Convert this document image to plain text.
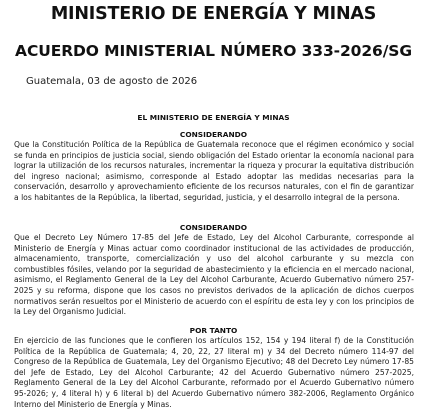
MINISTERIO DE ENERGÍA Y MINAS
ACUERDO MINISTERIAL NÚMERO 333-2026/SG
Guatemala, 03 de agosto de 2026
EL MINISTERIO DE ENERGÍA Y MINAS
CONSIDERANDO
Que la Constitución Política de la República de Guatemala reconoce que el régimen económico y social se funda en principios de justicia social, siendo obligación del Estado orientar la economía nacional para lograr la utilización de los recursos naturales, incrementar la riqueza y procurar la equitativa distribución del ingreso nacional; asimismo, corresponde al Estado adoptar las medidas necesarias para la conservación, desarrollo y aprovechamiento eficiente de los recursos naturales, con el fin de garantizar a los habitantes de la República, la libertad, seguridad, justicia, y el desarrollo integral de la persona.
CONSIDERANDO
Que el Decreto Ley Número 17-85 del Jefe de Estado, Ley del Alcohol Carburante, corresponde al Ministerio de Energía y Minas actuar como coordinador institucional de las actividades de producción, almacenamiento, transporte, comercialización y uso del alcohol carburante y su mezcla con combustibles fósiles, velando por la seguridad de abastecimiento y la eficiencia en el mercado nacional, asimismo, el Reglamento General de la Ley del Alcohol Carburante, Acuerdo Gubernativo número 257-2025 y su reforma, dispone que los casos no previstos derivados de la aplicación de dichos cuerpos normativos serán resueltos por el Ministerio de acuerdo con el espíritu de esta ley y con los principios de la Ley del Organismo Judicial.
POR TANTO
En ejercicio de las funciones que le confieren los artículos 152, 154 y 194 literal f) de la Constitución Política de la República de Guatemala; 4, 20, 22, 27 literal m) y 34 del Decreto número 114-97 del Congreso de la República de Guatemala, Ley del Organismo Ejecutivo; 48 del Decreto Ley número 17-85 del Jefe de Estado, Ley del Alcohol Carburante; 42 del Acuerdo Gubernativo número 257-2025, Reglamento General de la Ley del Alcohol Carburante, reformado por el Acuerdo Gubernativo número 95-2026; y, 4 literal h) y 6 literal b) del Acuerdo Gubernativo número 382-2006, Reglamento Orgánico Interno del Ministerio de Energía y Minas.
